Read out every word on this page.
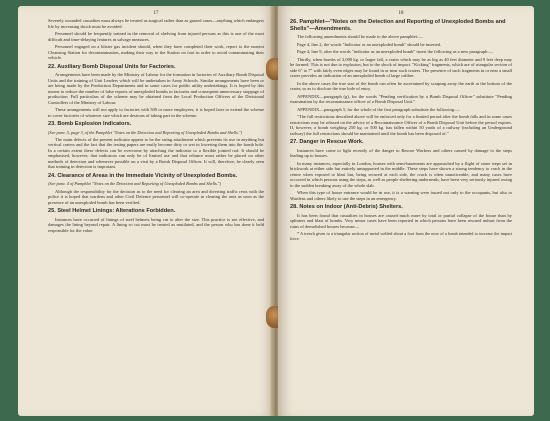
17

Severely wounded casualties must always be treated as surgical rather than as gassed cases—anything which endangers life by increasing shock must be avoided.

Personnel should be frequently trained in the removal of shelving from injured persons as this is one of the most difficult and time-delaying features in salvage measures.

Personnel engaged on a blister gas incident should, when they have completed their work, report to the nearest Cleansing Station for decontamination, making their way to the Station on foot in order to avoid contaminating their vehicle.

22. Auxiliary Bomb Disposal Units for Factories.

Arrangements have been made by the Ministry of Labour for the formation in factories of Auxiliary Bomb Disposal Units and the training of Unit Leaders which will be undertaken in Army Schools. Similar arrangements have been or are being made by the Production Departments and in some cases for public utility undertakings. It is hoped by this means to reduce the number of false reports of unexploded bombs in factories and consequent unnecessary stoppage of production. Full particulars of the scheme may be obtained from the Local Production Officers of the Divisional Controllers of the Ministry of Labour.

These arrangements will not apply to factories with 500 or more employees; it is hoped later to extend the scheme to cover factories of whatever size which are desirous of taking part in the scheme.

23. Bomb Explosion Indicators.
(See para. 5, page 3, of the Pamphlet "Notes on the Detection and Reporting of Unexploded Bombs and Shells.")

The main defects of the present indicator appear to be the string attachment which prevents its use in anything but vertical craters and the fact that the testing papers are easily become dirty or wet in lowering them into the bomb hole. In a certain extent these defects can be overcome by attaching the indicator to a flexible jointed rod. It should be emphasised, however, that indicators can only be of limited use and that reliance must rather be placed on other methods of detection and whenever possible on a visit by a Bomb Disposal Officer. It will, therefore, be clearly seen that training in detection is important.

24. Clearance of Areas in the Immediate Vicinity of Unexploded Bombs.
(See para. 4 of Pamphlet "Notes on the Detection and Reporting of Unexploded Bombs and Shells.")

Although the responsibility for the decision as to the need for clearing an area and diverting traffic rests with the police it is hoped that wardens and other Civil Defence personnel will co-operate in clearing the area as soon as the presence of an unexploded bomb has been verified.

25. Steel Helmet Linings: Alterations Forbidden.

Instances have occurred of linings of steel helmets being cut to alter the size. This practice is not effective, and damages the lining beyond repair. A lining so cut must be treated as mutilated, and the person who has done it held responsible for the value.

18
26. Pamphlet—"Notes on the Detection and Reporting of Unexploded Bombs and Shells"—Amendments.

The following amendments should be made to the above pamphlet:—

Page 4, line 2, the words "Indicator or an unexploded bomb" should be inserted.

Page 4, line 9, after the words "indicator as an unexploded bomb" insert the following as a new paragraph:—

Thirdly, when bombs of 2,000 kg. or larger fall, a crater which may be as big as 40 feet diameter and 9 feet deep may be formed. This is not due to explosion, but to the shock of impact. "Kicking" fragments, which are of triangular section of side 6" to 7" with fairly even edges may be found in or near such craters. The presence of such fragments in or near a small crater provides an indication of an unexploded bomb of large calibre.

In the above cases the true size of the bomb can often be ascertained by scraping away the earth at the bottom of the crater, so as to disclose the true hole of entry.

APPENDIX—paragraph (g), for the words "Pending verification by a Bomb Disposal Officer" substitute "Pending examination by the reconnaissance officer of a Bomb Disposal Unit."

APPENDIX—paragraph 5, for the whole of the first paragraph substitute the following:—

"The full restrictions described above will be enforced only for a limited period after the bomb falls and in some cases restrictions may be relaxed on the advice of a Reconnaissance Officer of a Bomb Disposal Unit before the period expires. If, however, a bomb weighing 250 kg. or 500 kg. has fallen within 50 yards of a railway (including an Underground railway) the full restrictions should be maintained until the bomb has been disposed of."

27. Danger in Rescue Work.

Instances have come to light recently of the danger to Rescue Workers and others caused by damage to the steps leading up to houses.

In many instances, especially in London, houses with semi-basements are approached by a flight of stone steps set in brickwork at either side but entirely unsupported in the middle. These steps have shown a strong tendency to crack in the centre when exposed to blast but, being secured at each side, the crack is often unnoticeable, and many cases have occurred in which persons using the steps, as well as people sheltering underneath, have been very seriously injured owing to the sudden breaking away of the whole slab.

When this type of house entrance would be in use, it is a warning were issued not only to the occupants, but also to Wardens and others likely to use the steps in an emergency.

28. Notes on Indoor (Anti-Debris) Shelters.

It has been found that casualties in houses are caused much more by total or partial collapse of the house than by splinters and blast of bombs. Very minor cases have been reported in which persons have been rescued unhurt from the ruins of demolished houses because—

* A trench given to a triangular section of metal welded about a foot from the nose of a bomb intended to increase the impact force.
